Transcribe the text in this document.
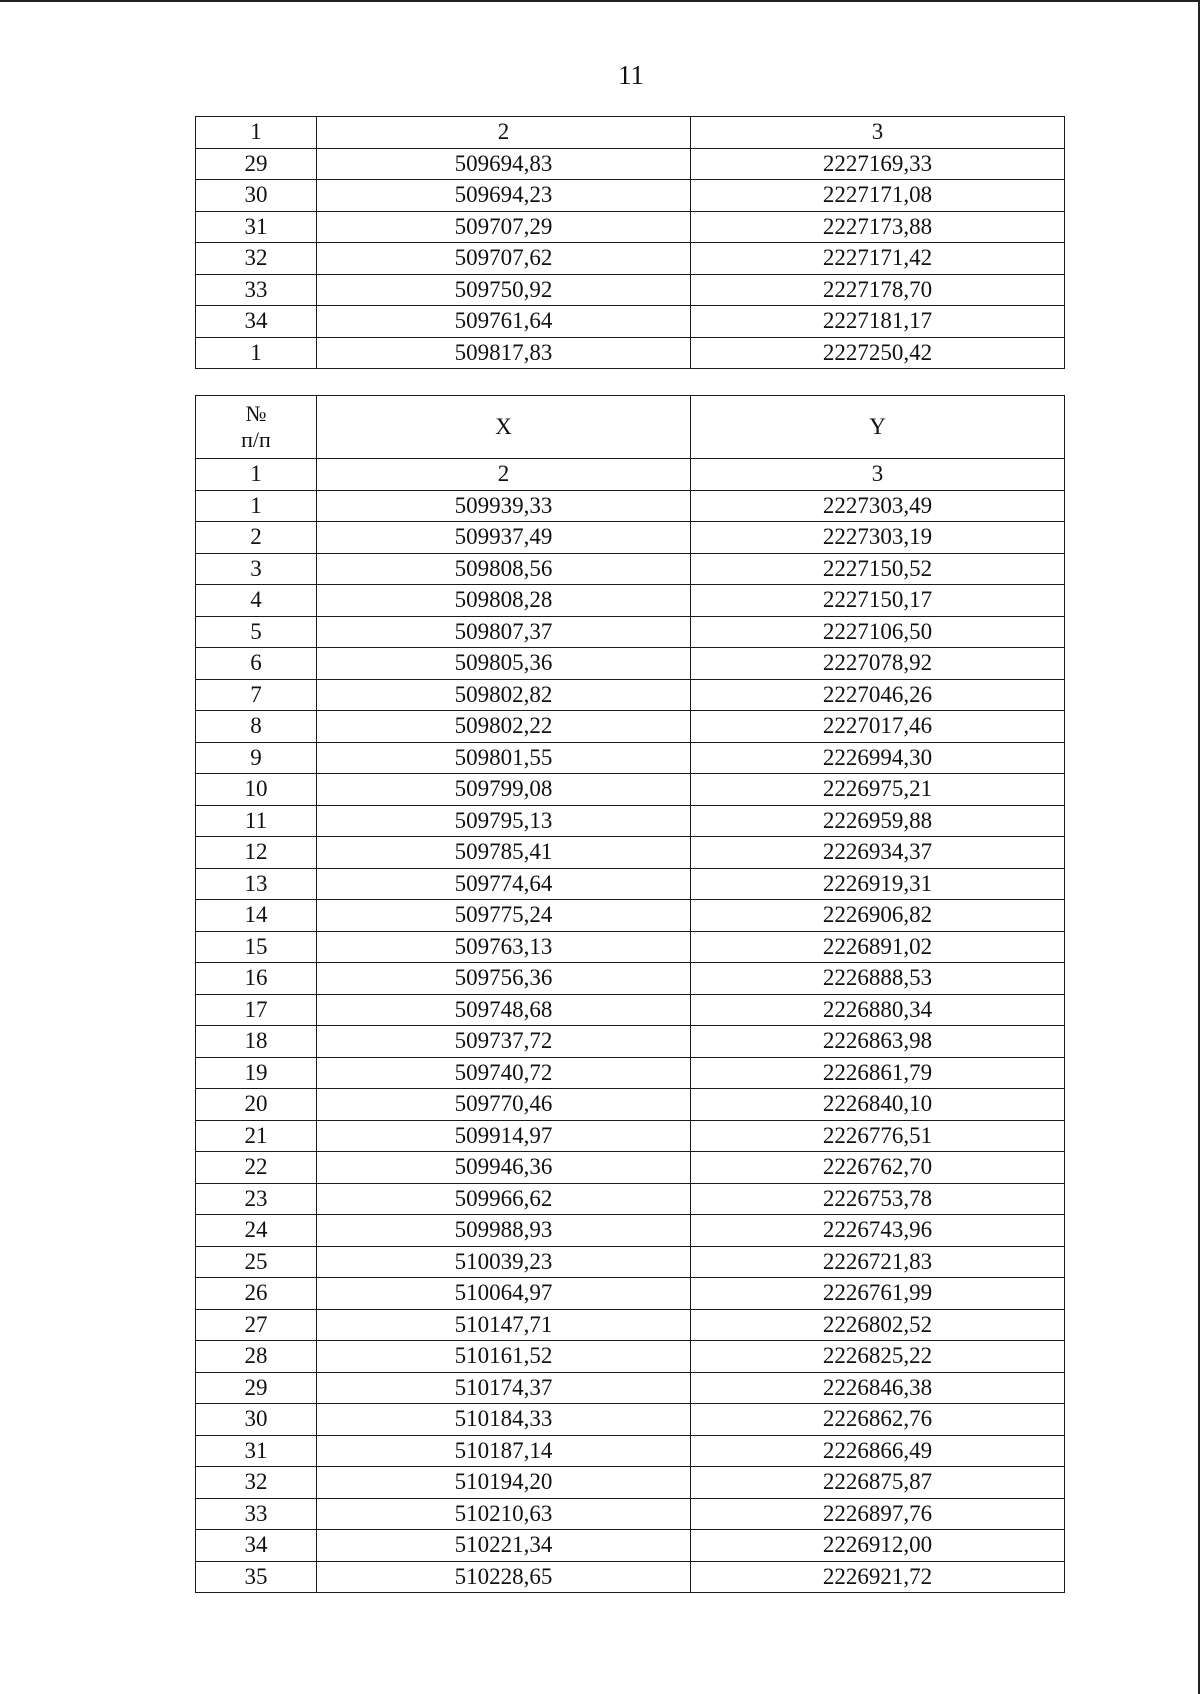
11
1	2	3
29	509694,83	2227169,33
30	509694,23	2227171,08
31	509707,29	2227173,88
32	509707,62	2227171,42
33	509750,92	2227178,70
34	509761,64	2227181,17
1	509817,83	2227250,42
№
п/п	X	Y
1	2	3
1	509939,33	2227303,49
2	509937,49	2227303,19
3	509808,56	2227150,52
4	509808,28	2227150,17
5	509807,37	2227106,50
6	509805,36	2227078,92
7	509802,82	2227046,26
8	509802,22	2227017,46
9	509801,55	2226994,30
10	509799,08	2226975,21
11	509795,13	2226959,88
12	509785,41	2226934,37
13	509774,64	2226919,31
14	509775,24	2226906,82
15	509763,13	2226891,02
16	509756,36	2226888,53
17	509748,68	2226880,34
18	509737,72	2226863,98
19	509740,72	2226861,79
20	509770,46	2226840,10
21	509914,97	2226776,51
22	509946,36	2226762,70
23	509966,62	2226753,78
24	509988,93	2226743,96
25	510039,23	2226721,83
26	510064,97	2226761,99
27	510147,71	2226802,52
28	510161,52	2226825,22
29	510174,37	2226846,38
30	510184,33	2226862,76
31	510187,14	2226866,49
32	510194,20	2226875,87
33	510210,63	2226897,76
34	510221,34	2226912,00
35	510228,65	2226921,72
